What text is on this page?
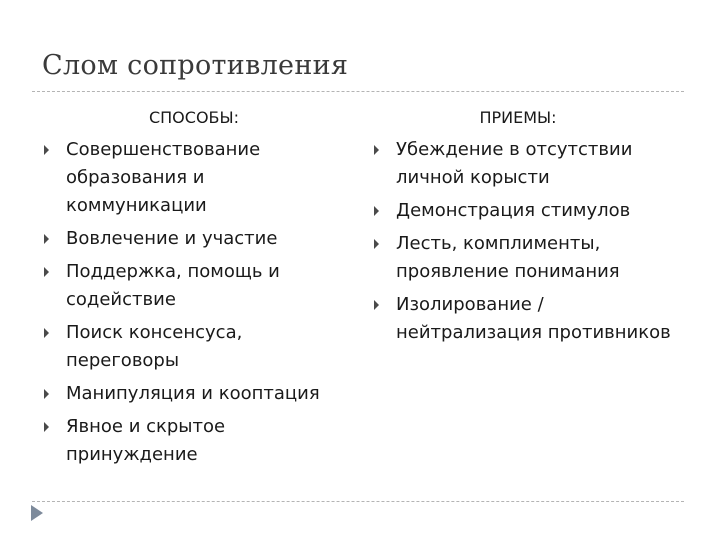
Слом сопротивления
СПОСОБЫ:	ПРИЕМЫ:
Совершенствование образования и коммуникации
Вовлечение и участие
Поддержка, помощь и содействие
Поиск консенсуса, переговоры
Манипуляция и кооптация
Явное и скрытое принуждение
Убеждение в отсутствии личной корысти
Демонстрация стимулов
Лесть, комплименты, проявление понимания
Изолирование /нейтрализация противников
